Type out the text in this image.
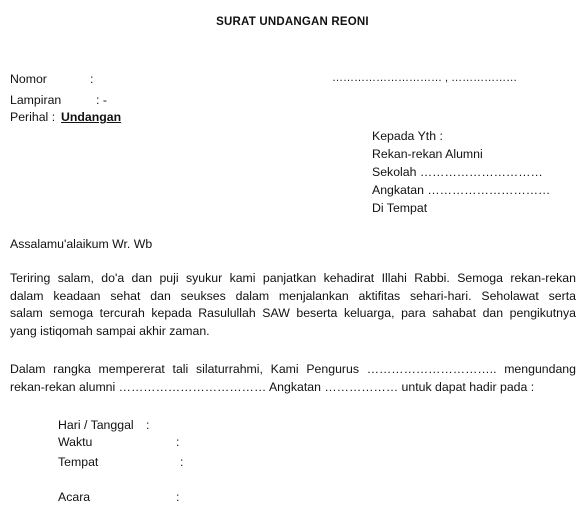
SURAT UNDANGAN REONI
Nomor	:	………………………… , ………………
Lampiran	: -
Perihal : Undangan
Kepada Yth :
Rekan-rekan Alumni
Sekolah …………………………
Angkatan …………………………
Di Tempat
Assalamu'alaikum Wr. Wb
Teriring salam, do'a dan puji syukur kami panjatkan kehadirat Illahi Rabbi. Semoga rekan-rekan
dalam keadaan sehat dan seukses dalam menjalankan aktifitas sehari-hari. Seholawat serta
salam semoga tercurah kepada Rasulullah SAW beserta keluarga, para sahabat dan pengikutnya
yang istiqomah sampai akhir zaman.
Dalam rangka mempererat tali silaturrahmi, Kami Pengurus ………………………….. mengundang
rekan-rekan alumni ……………………………… Angkatan ……………… untuk dapat hadir pada :
Hari / Tanggal :
Waktu	:
Tempat	:
Acara	:
